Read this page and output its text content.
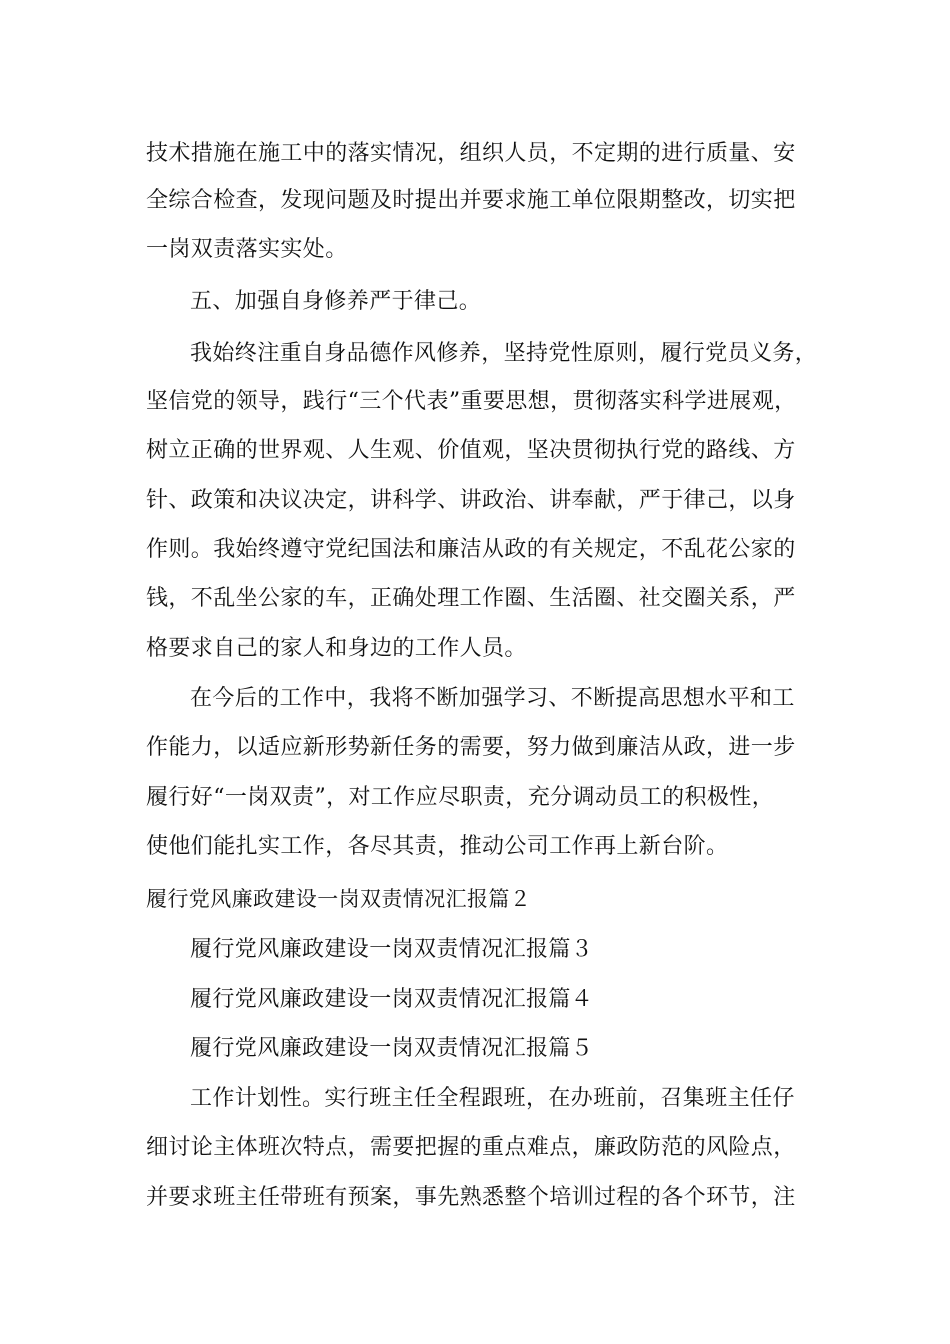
技术措施在施工中的落实情况，组织人员，不定期的进行质量、安
全综合检查，发现问题及时提出并要求施工单位限期整改，切实把
一岗双责落实实处。
五、加强自身修养严于律己。
我始终注重自身品德作风修养，坚持党性原则，履行党员义务，
坚信党的领导，践行“三个代表”重要思想，贯彻落实科学进展观，
树立正确的世界观、人生观、价值观，坚决贯彻执行党的路线、方
针、政策和决议决定，讲科学、讲政治、讲奉献，严于律己，以身
作则。我始终遵守党纪国法和廉洁从政的有关规定，不乱花公家的
钱，不乱坐公家的车，正确处理工作圈、生活圈、社交圈关系，严
格要求自己的家人和身边的工作人员。
在今后的工作中，我将不断加强学习、不断提高思想水平和工
作能力，以适应新形势新任务的需要，努力做到廉洁从政，进一步
履行好“一岗双责”，对工作应尽职责，充分调动员工的积极性，
使他们能扎实工作，各尽其责，推动公司工作再上新台阶。
履行党风廉政建设一岗双责情况汇报篇２
履行党风廉政建设一岗双责情况汇报篇３
履行党风廉政建设一岗双责情况汇报篇４
履行党风廉政建设一岗双责情况汇报篇５
工作计划性。实行班主任全程跟班，在办班前，召集班主任仔
细讨论主体班次特点，需要把握的重点难点，廉政防范的风险点，
并要求班主任带班有预案，事先熟悉整个培训过程的各个环节，注
